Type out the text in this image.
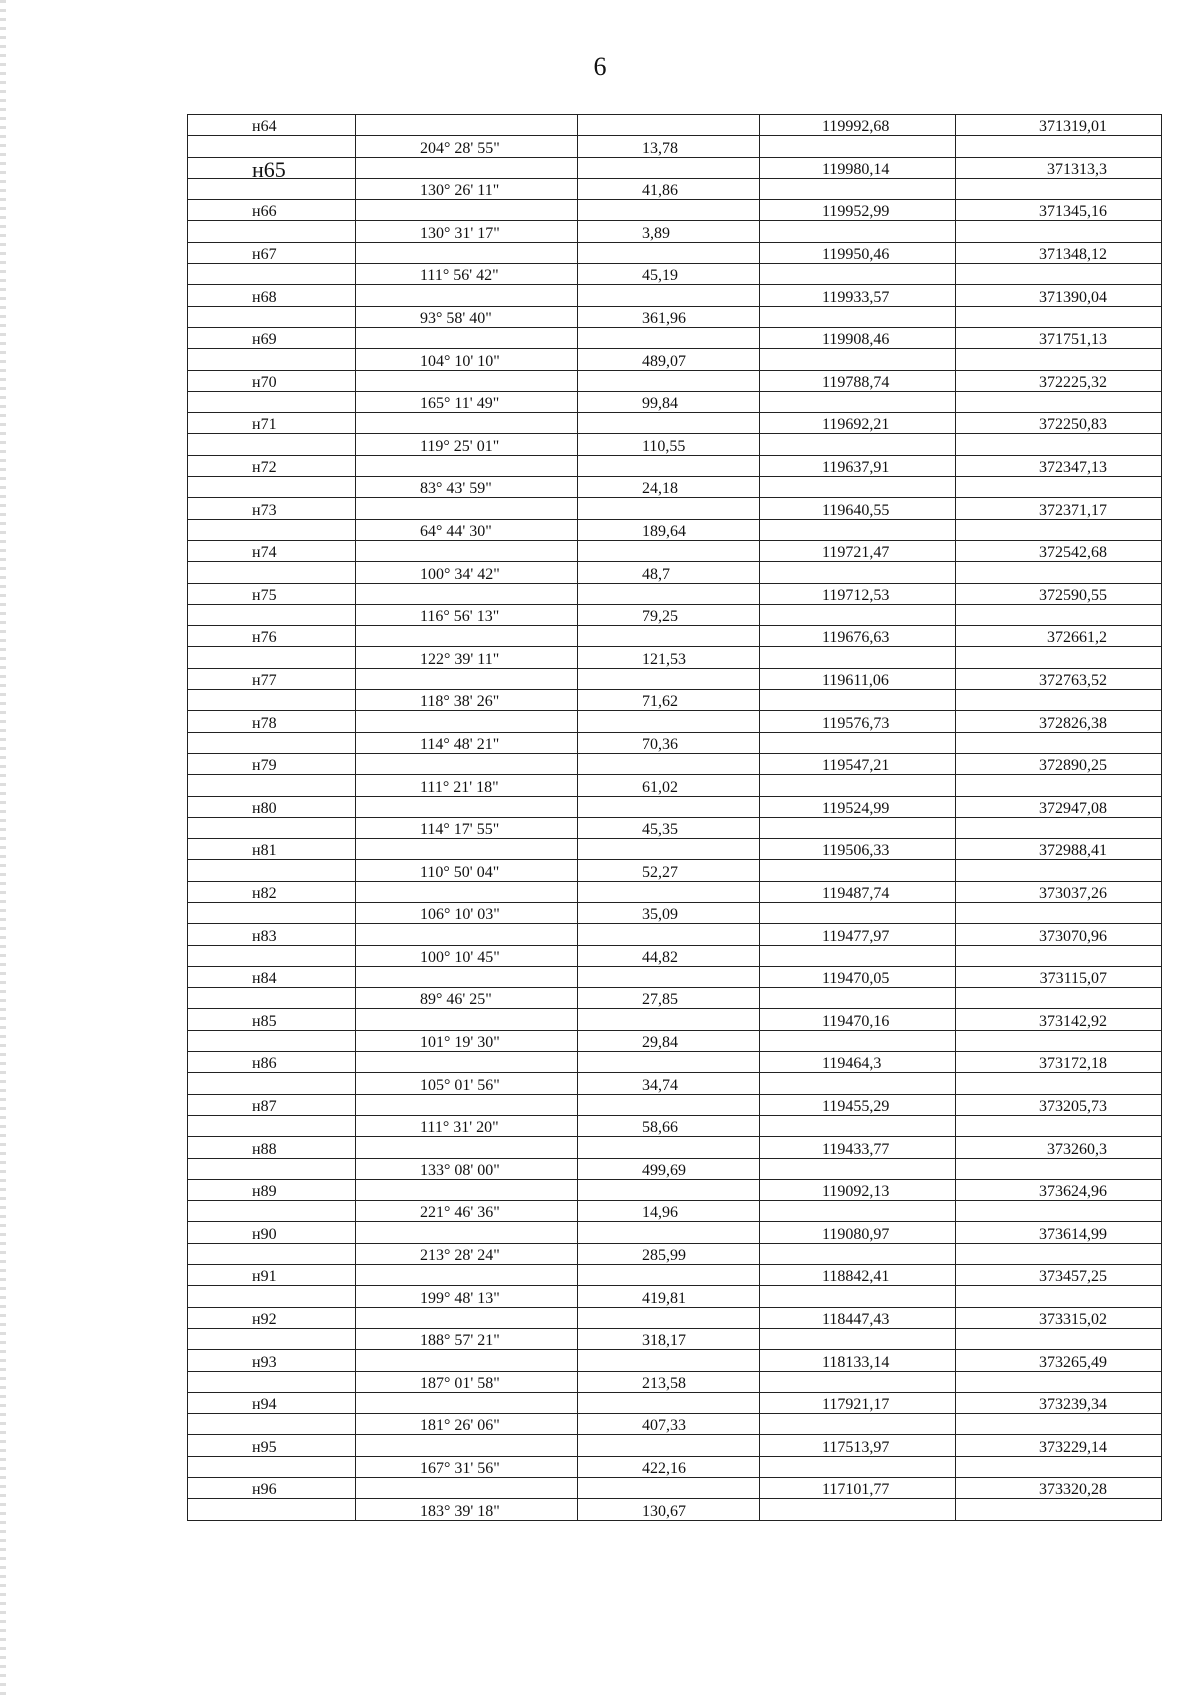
6
н64			119992,68	371319,01
	204° 28' 55"	13,78		
н65			119980,14	371313,3
	130° 26' 11"	41,86		
н66			119952,99	371345,16
	130° 31' 17"	3,89		
н67			119950,46	371348,12
	111° 56' 42"	45,19		
н68			119933,57	371390,04
	93° 58' 40"	361,96		
н69			119908,46	371751,13
	104° 10' 10"	489,07		
н70			119788,74	372225,32
	165° 11' 49"	99,84		
н71			119692,21	372250,83
	119° 25' 01"	110,55		
н72			119637,91	372347,13
	83° 43' 59"	24,18		
н73			119640,55	372371,17
	64° 44' 30"	189,64		
н74			119721,47	372542,68
	100° 34' 42"	48,7		
н75			119712,53	372590,55
	116° 56' 13"	79,25		
н76			119676,63	372661,2
	122° 39' 11"	121,53		
н77			119611,06	372763,52
	118° 38' 26"	71,62		
н78			119576,73	372826,38
	114° 48' 21"	70,36		
н79			119547,21	372890,25
	111° 21' 18"	61,02		
н80			119524,99	372947,08
	114° 17' 55"	45,35		
н81			119506,33	372988,41
	110° 50' 04"	52,27		
н82			119487,74	373037,26
	106° 10' 03"	35,09		
н83			119477,97	373070,96
	100° 10' 45"	44,82		
н84			119470,05	373115,07
	89° 46' 25"	27,85		
н85			119470,16	373142,92
	101° 19' 30"	29,84		
н86			119464,3	373172,18
	105° 01' 56"	34,74		
н87			119455,29	373205,73
	111° 31' 20"	58,66		
н88			119433,77	373260,3
	133° 08' 00"	499,69		
н89			119092,13	373624,96
	221° 46' 36"	14,96		
н90			119080,97	373614,99
	213° 28' 24"	285,99		
н91			118842,41	373457,25
	199° 48' 13"	419,81		
н92			118447,43	373315,02
	188° 57' 21"	318,17		
н93			118133,14	373265,49
	187° 01' 58"	213,58		
н94			117921,17	373239,34
	181° 26' 06"	407,33		
н95			117513,97	373229,14
	167° 31' 56"	422,16		
н96			117101,77	373320,28
	183° 39' 18"	130,67		
